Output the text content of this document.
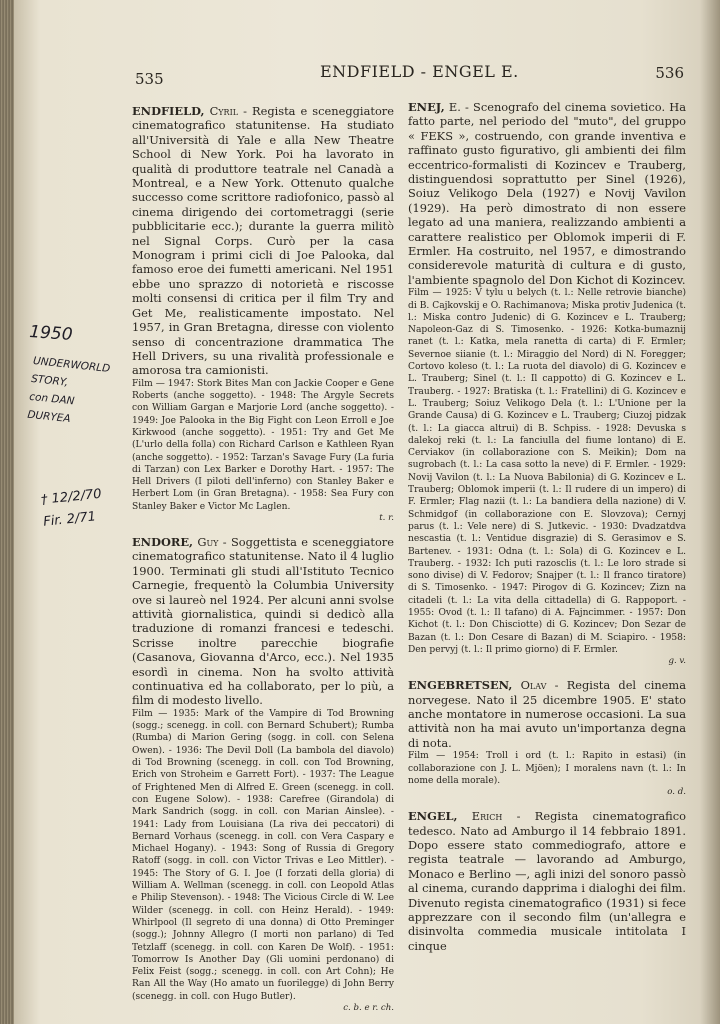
535	ENDFIELD - ENGEL E.	536

ENDFIELD, Cyril - Regista e sceneggiatore cinematografico statunitense. Ha studiato all'Università di Yale e alla New Theatre School di New York. Poi ha lavorato in qualità di produttore teatrale nel Canadà a Montreal, e a New York. Ottenuto qualche successo come scrittore radiofonico, passò al cinema dirigendo dei cortometraggi (serie pubblicitarie ecc.); durante la guerra militò nel Signal Corps. Curò per la casa Monogram i primi cicli di Joe Palooka, dal famoso eroe dei fumetti americani. Nel 1951 ebbe uno sprazzo di notorietà e riscosse molti consensi di critica per il film Try and Get Me, realisticamente impostato. Nel 1957, in Gran Bretagna, diresse con violento senso di concentrazione drammatica The Hell Drivers, su una rivalità professionale e amorosa tra camionisti.

Film — 1947: Stork Bites Man con Jackie Cooper e Gene Roberts (anche soggetto). - 1948: The Argyle Secrets con William Gargan e Marjorie Lord (anche soggetto). - 1949: Joe Palooka in the Big Fight con Leon Erroll e Joe Kirkwood (anche soggetto). - 1951: Try and Get Me (L'urlo della folla) con Richard Carlson e Kathleen Ryan (anche soggetto). - 1952: Tarzan's Savage Fury (La furia di Tarzan) con Lex Barker e Dorothy Hart. - 1957: The Hell Drivers (I piloti dell'inferno) con Stanley Baker e Herbert Lom (in Gran Bretagna). - 1958: Sea Fury con Stanley Baker e Victor Mc Laglen.

t. r.

ENDORE, Guy - Soggettista e sceneggiatore cinematografico statunitense. Nato il 4 luglio 1900. Terminati gli studi all'Istituto Tecnico Carnegie, frequentò la Columbia University ove si laureò nel 1924. Per alcuni anni svolse attività giornalistica, quindi si dedicò alla traduzione di romanzi francesi e tedeschi. Scrisse inoltre parecchie biografie (Casanova, Giovanna d'Arco, ecc.). Nel 1935 esordì in cinema. Non ha svolto attività continuativa ed ha collaborato, per lo più, a film di modesto livello.

Film — 1935: Mark of the Vampire di Tod Browning (sogg.; scenegg. in coll. con Bernard Schubert); Rumba (Rumba) di Marion Gering (sogg. in coll. con Selena Owen). - 1936: The Devil Doll (La bambola del diavolo) di Tod Browning (scenegg. in coll. con Tod Browning, Erich von Stroheim e Garrett Fort). - 1937: The League of Frightened Men di Alfred E. Green (scenegg. in coll. con Eugene Solow). - 1938: Carefree (Girandola) di Mark Sandrich (sogg. in coll. con Marian Ainslee). - 1941: Lady from Louisiana (La riva dei peccatori) di Bernard Vorhaus (scenegg. in coll. con Vera Caspary e Michael Hogany). - 1943: Song of Russia di Gregory Ratoff (sogg. in coll. con Victor Trivas e Leo Mittler). - 1945: The Story of G. I. Joe (I forzati della gloria) di William A. Wellman (scenegg. in coll. con Leopold Atlas e Philip Stevenson). - 1948: The Vicious Circle di W. Lee Wilder (scenegg. in coll. con Heinz Herald). - 1949: Whirlpool (Il segreto di una donna) di Otto Preminger (sogg.); Johnny Allegro (I morti non parlano) di Ted Tetzlaff (scenegg. in coll. con Karen De Wolf). - 1951: Tomorrow Is Another Day (Gli uomini perdonano) di Felix Feist (sogg.; scenegg. in coll. con Art Cohn); He Ran All the Way (Ho amato un fuorilegge) di John Berry (scenegg. in coll. con Hugo Butler).

c. b. e r. ch.

ENEJ, E. - Scenografo del cinema sovietico. Ha fatto parte, nel periodo del "muto", del gruppo « FEKS », costruendo, con grande inventiva e raffinato gusto figurativo, gli ambienti dei film eccentrico-formalisti di Kozincev e Trauberg, distinguendosi soprattutto per Sinel (1926), Soiuz Velikogo Dela (1927) e Novij Vavilon (1929). Ha però dimostrato di non essere legato ad una maniera, realizzando ambienti a carattere realistico per Oblomok imperii di F. Ermler. Ha costruito, nel 1957, e dimostrando considerevole maturità di cultura e di gusto, l'ambiente spagnolo del Don Kichot di Kozincev.

Film — 1925: V tylu u belych (t. l.: Nelle retrovie bianche) di B. Cajkovskij e O. Rachimanova; Miska protiv Judenica (t. l.: Miska contro Judenic) di G. Kozincev e L. Trauberg; Napoleon-Gaz di S. Timosenko. - 1926: Kotka-bumaznij ranet (t. l.: Katka, mela ranetta di carta) di F. Ermler; Severnoe siianie (t. l.: Miraggio del Nord) di N. Foregger; Cortovo koleso (t. l.: La ruota del diavolo) di G. Kozincev e L. Trauberg; Sinel (t. l.: Il cappotto) di G. Kozincev e L. Trauberg. - 1927: Bratiska (t. l.: Fratellini) di G. Kozincev e L. Trauberg; Soiuz Velikogo Dela (t. l.: L'Unione per la Grande Causa) di G. Kozincev e L. Trauberg; Ciuzoj pidzak (t. l.: La giacca altrui) di B. Schpiss. - 1928: Devuska s dalekoj reki (t. l.: La fanciulla del fiume lontano) di E. Cerviakov (in collaborazione con S. Meikin); Dom na sugrobach (t. l.: La casa sotto la neve) di F. Ermler. - 1929: Novij Vavilon (t. l.: La Nuova Babilonia) di G. Kozincev e L. Trauberg; Oblomok imperii (t. l.: Il rudere di un impero) di F. Ermler; Flag nazii (t. l.: La bandiera della nazione) di V. Schmidgof (in collaborazione con E. Slovzova); Cernyj parus (t. l.: Vele nere) di S. Jutkevic. - 1930: Dvadzatdva nescastia (t. l.: Ventidue disgrazie) di S. Gerasimov e S. Bartenev. - 1931: Odna (t. l.: Sola) di G. Kozincev e L. Trauberg. - 1932: Ich puti razosclis (t. l.: Le loro strade si sono divise) di V. Fedorov; Snajper (t. l.: Il franco tiratore) di S. Timosenko. - 1947: Pirogov di G. Kozincev; Zizn na citadeli (t. l.: La vita della cittadella) di G. Rappoport. - 1955: Ovod (t. l.: Il tafano) di A. Fajncimmer. - 1957: Don Kichot (t. l.: Don Chisciotte) di G. Kozincev; Don Sezar de Bazan (t. l.: Don Cesare di Bazan) di M. Sciapiro. - 1958: Den pervyj (t. l.: Il primo giorno) di F. Ermler.

g. v.

ENGEBRETSEN, Olav - Regista del cinema norvegese. Nato il 25 dicembre 1905. E' stato anche montatore in numerose occasioni. La sua attività non ha mai avuto un'importanza degna di nota.

Film — 1954: Troll i ord (t. l.: Rapito in estasi) (in collaborazione con J. L. Mjöen); I moralens navn (t. l.: In nome della morale).

o. d.

ENGEL, Erich - Regista cinematografico tedesco. Nato ad Amburgo il 14 febbraio 1891. Dopo essere stato commediografo, attore e regista teatrale — lavorando ad Amburgo, Monaco e Berlino —, agli inizi del sonoro passò al cinema, curando dapprima i dialoghi dei film. Divenuto regista cinematografico (1931) si fece apprezzare con il secondo film (un'allegra e disinvolta commedia musicale intitolata I cinque

1950
UNDERWORLD
STORY,
con DAN
DURYEA
† 12/2/70
Fir. 2/71
